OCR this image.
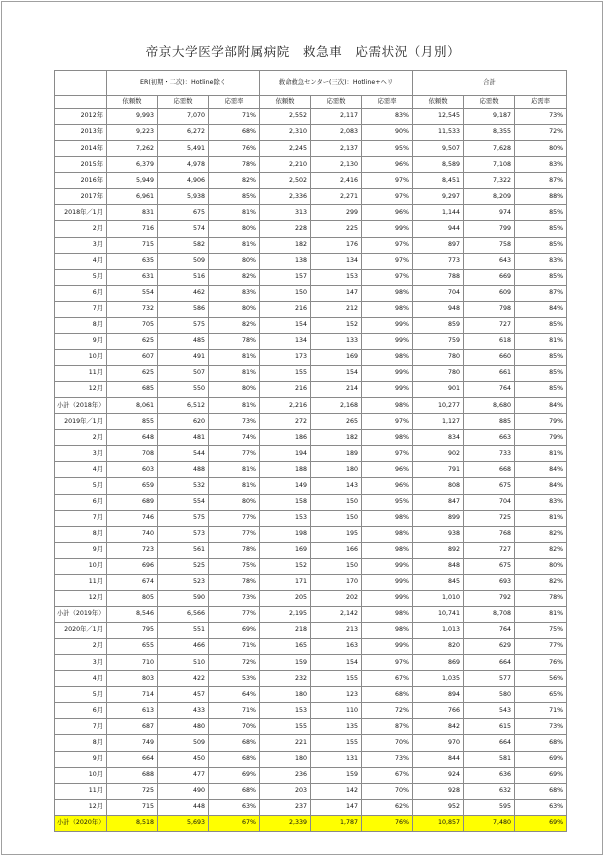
帝京大学医学部附属病院　救急車　応需状況（月別）
	ER(初期・二次)：Hotline除く			救命救急センター(三次)：Hotline+ヘリ			合計		
	依頼数	応需数	応需率	依頼数	応需数	応需率	依頼数	応需数	応需率
2012年	9,993	7,070	71%	2,552	2,117	83%	12,545	9,187	73%
2013年	9,223	6,272	68%	2,310	2,083	90%	11,533	8,355	72%
2014年	7,262	5,491	76%	2,245	2,137	95%	9,507	7,628	80%
2015年	6,379	4,978	78%	2,210	2,130	96%	8,589	7,108	83%
2016年	5,949	4,906	82%	2,502	2,416	97%	8,451	7,322	87%
2017年	6,961	5,938	85%	2,336	2,271	97%	9,297	8,209	88%
2018年／1月	831	675	81%	313	299	96%	1,144	974	85%
2月	716	574	80%	228	225	99%	944	799	85%
3月	715	582	81%	182	176	97%	897	758	85%
4月	635	509	80%	138	134	97%	773	643	83%
5月	631	516	82%	157	153	97%	788	669	85%
6月	554	462	83%	150	147	98%	704	609	87%
7月	732	586	80%	216	212	98%	948	798	84%
8月	705	575	82%	154	152	99%	859	727	85%
9月	625	485	78%	134	133	99%	759	618	81%
10月	607	491	81%	173	169	98%	780	660	85%
11月	625	507	81%	155	154	99%	780	661	85%
12月	685	550	80%	216	214	99%	901	764	85%
小計（2018年）	8,061	6,512	81%	2,216	2,168	98%	10,277	8,680	84%
2019年／1月	855	620	73%	272	265	97%	1,127	885	79%
2月	648	481	74%	186	182	98%	834	663	79%
3月	708	544	77%	194	189	97%	902	733	81%
4月	603	488	81%	188	180	96%	791	668	84%
5月	659	532	81%	149	143	96%	808	675	84%
6月	689	554	80%	158	150	95%	847	704	83%
7月	746	575	77%	153	150	98%	899	725	81%
8月	740	573	77%	198	195	98%	938	768	82%
9月	723	561	78%	169	166	98%	892	727	82%
10月	696	525	75%	152	150	99%	848	675	80%
11月	674	523	78%	171	170	99%	845	693	82%
12月	805	590	73%	205	202	99%	1,010	792	78%
小計（2019年）	8,546	6,566	77%	2,195	2,142	98%	10,741	8,708	81%
2020年／1月	795	551	69%	218	213	98%	1,013	764	75%
2月	655	466	71%	165	163	99%	820	629	77%
3月	710	510	72%	159	154	97%	869	664	76%
4月	803	422	53%	232	155	67%	1,035	577	56%
5月	714	457	64%	180	123	68%	894	580	65%
6月	613	433	71%	153	110	72%	766	543	71%
7月	687	480	70%	155	135	87%	842	615	73%
8月	749	509	68%	221	155	70%	970	664	68%
9月	664	450	68%	180	131	73%	844	581	69%
10月	688	477	69%	236	159	67%	924	636	69%
11月	725	490	68%	203	142	70%	928	632	68%
12月	715	448	63%	237	147	62%	952	595	63%
小計（2020年）	8,518	5,693	67%	2,339	1,787	76%	10,857	7,480	69%
